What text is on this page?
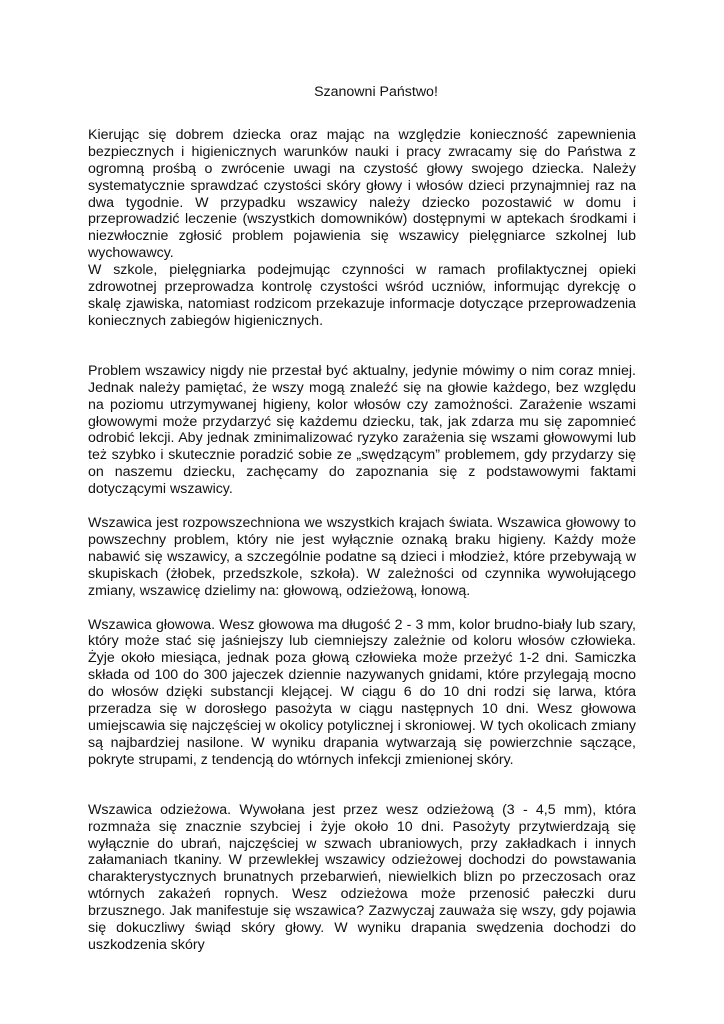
Szanowni Państwo!

Kierując się dobrem dziecka oraz mając na względzie konieczność zapewnienia bezpiecznych i higienicznych warunków nauki i pracy zwracamy się do Państwa z ogromną prośbą o zwrócenie uwagi na czystość głowy swojego dziecka. Należy systematycznie sprawdzać czystości skóry głowy i włosów dzieci przynajmniej raz na dwa tygodnie. W przypadku wszawicy należy dziecko pozostawić w domu i przeprowadzić leczenie (wszystkich domowników) dostępnymi w aptekach środkami i niezwłocznie zgłosić problem pojawienia się wszawicy pielęgniarce szkolnej lub wychowawcy.

W szkole, pielęgniarka podejmując czynności w ramach profilaktycznej opieki zdrowotnej przeprowadza kontrolę czystości wśród uczniów, informując dyrekcję o skalę zjawiska, natomiast rodzicom przekazuje informacje dotyczące przeprowadzenia koniecznych zabiegów higienicznych.

Problem wszawicy nigdy nie przestał być aktualny, jedynie mówimy o nim coraz mniej. Jednak należy pamiętać, że wszy mogą znaleźć się na głowie każdego, bez względu na poziomu utrzymywanej higieny, kolor włosów czy zamożności. Zarażenie wszami głowowymi może przydarzyć się każdemu dziecku, tak, jak zdarza mu się zapomnieć odrobić lekcji. Aby jednak zminimalizować ryzyko zarażenia się wszami głowowymi lub też szybko i skutecznie poradzić sobie ze „swędzącym” problemem, gdy przydarzy się on naszemu dziecku, zachęcamy do zapoznania się z podstawowymi faktami dotyczącymi wszawicy.

Wszawica jest rozpowszechniona we wszystkich krajach świata. Wszawica głowowy to powszechny problem, który nie jest wyłącznie oznaką braku higieny. Każdy może nabawić się wszawicy, a szczególnie podatne są dzieci i młodzież, które przebywają w skupiskach (żłobek, przedszkole, szkoła). W zależności od czynnika wywołującego zmiany, wszawicę dzielimy na: głowową, odzieżową, łonową.

Wszawica głowowa. Wesz głowowa ma długość 2 - 3 mm, kolor brudno-biały lub szary, który może stać się jaśniejszy lub ciemniejszy zależnie od koloru włosów człowieka. Żyje około miesiąca, jednak poza głową człowieka może przeżyć 1-2 dni. Samiczka składa od 100 do 300 jajeczek dziennie nazywanych gnidami, które przylegają mocno do włosów dzięki substancji klejącej. W ciągu 6 do 10 dni rodzi się larwa, która przeradza się w dorosłego pasożyta w ciągu następnych 10 dni. Wesz głowowa umiejscawia się najczęściej w okolicy potylicznej i skroniowej. W tych okolicach zmiany są najbardziej nasilone. W wyniku drapania wytwarzają się powierzchnie sączące, pokryte strupami, z tendencją do wtórnych infekcji zmienionej skóry.

Wszawica odzieżowa. Wywołana jest przez wesz odzieżową (3 - 4,5 mm), która rozmnaża się znacznie szybciej i żyje około 10 dni. Pasożyty przytwierdzają się wyłącznie do ubrań, najczęściej w szwach ubraniowych, przy zakładkach i innych załamaniach tkaniny. W przewlekłej wszawicy odzieżowej dochodzi do powstawania charakterystycznych brunatnych przebarwień, niewielkich blizn po przeczosach oraz wtórnych zakażeń ropnych. Wesz odzieżowa może przenosić pałeczki duru brzusznego. Jak manifestuje się wszawica? Zazwyczaj zauważa się wszy, gdy pojawia się dokuczliwy świąd skóry głowy. W wyniku drapania swędzenia dochodzi do uszkodzenia skóry
